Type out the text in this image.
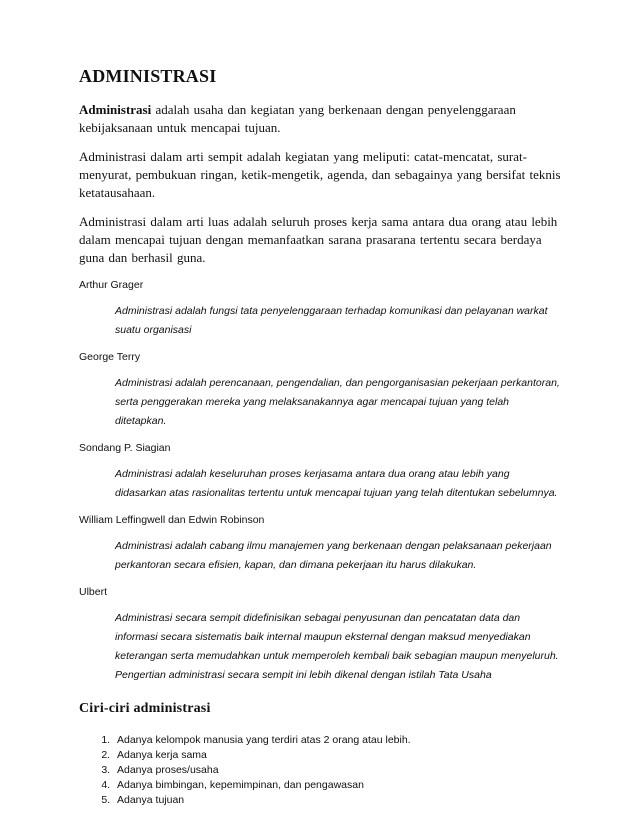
ADMINISTRASI

Administrasi adalah usaha dan kegiatan yang berkenaan dengan penyelenggaraan kebijaksanaan untuk mencapai tujuan.

Administrasi dalam arti sempit adalah kegiatan yang meliputi: catat-mencatat, surat-menyurat, pembukuan ringan, ketik-mengetik, agenda, dan sebagainya yang bersifat teknis ketatausahaan.

Administrasi dalam arti luas adalah seluruh proses kerja sama antara dua orang atau lebih dalam mencapai tujuan dengan memanfaatkan sarana prasarana tertentu secara berdaya guna dan berhasil guna.

Arthur Grager
Administrasi adalah fungsi tata penyelenggaraan terhadap komunikasi dan pelayanan warkat suatu organisasi
George Terry
Administrasi adalah perencanaan, pengendalian, dan pengorganisasian pekerjaan perkantoran, serta penggerakan mereka yang melaksanakannya agar mencapai tujuan yang telah ditetapkan.
Sondang P. Siagian
Administrasi adalah keseluruhan proses kerjasama antara dua orang atau lebih yang didasarkan atas rasionalitas tertentu untuk mencapai tujuan yang telah ditentukan sebelumnya.
William Leffingwell dan Edwin Robinson
Administrasi adalah cabang ilmu manajemen yang berkenaan dengan pelaksanaan pekerjaan perkantoran secara efisien, kapan, dan dimana pekerjaan itu harus dilakukan.
Ulbert
Administrasi secara sempit didefinisikan sebagai penyusunan dan pencatatan data dan informasi secara sistematis baik internal maupun eksternal dengan maksud menyediakan keterangan serta memudahkan untuk memperoleh kembali baik sebagian maupun menyeluruh. Pengertian administrasi secara sempit ini lebih dikenal dengan istilah Tata Usaha
Ciri-ciri administrasi
1. Adanya kelompok manusia yang terdiri atas 2 orang atau lebih.
2. Adanya kerja sama
3. Adanya proses/usaha
4. Adanya bimbingan, kepemimpinan, dan pengawasan
5. Adanya tujuan
